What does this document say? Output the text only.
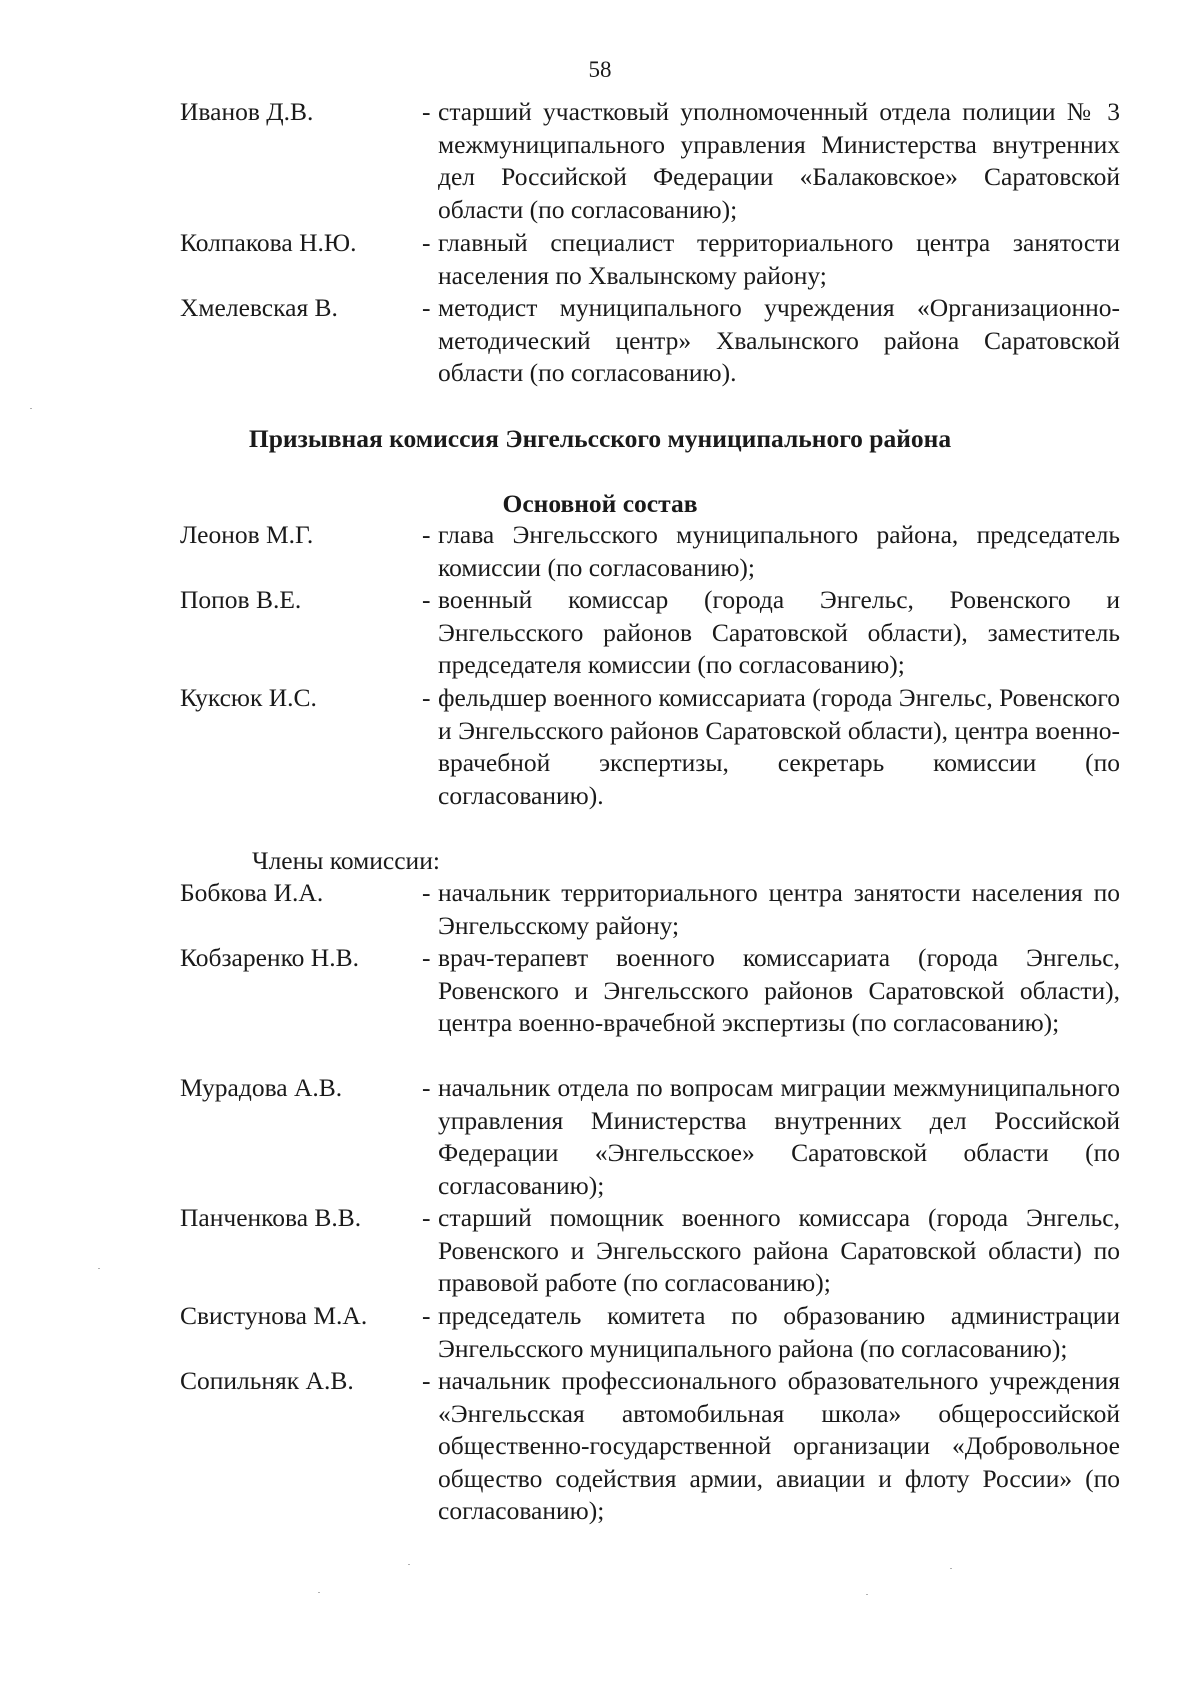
58
Иванов Д.В.	- старший участковый уполномоченный отдела полиции № 3 межмуниципального управления Министерства внутренних дел Российской Федерации «Балаковское» Саратовской области (по согласованию);
Колпакова Н.Ю.	- главный специалист территориального центра занятости населения по Хвалынскому району;
Хмелевская В.	- методист муниципального учреждения «Организационно-методический центр» Хвалынского района Саратовской области (по согласованию).
Призывная комиссия Энгельсского муниципального района
Основной состав
Леонов М.Г.	- глава Энгельсского муниципального района, председатель комиссии (по согласованию);
Попов В.Е.	- военный комиссар (города Энгельс, Ровенского и Энгельсского районов Саратовской области), заместитель председателя комиссии (по согласованию);
Куксюк И.С.	- фельдшер военного комиссариата (города Энгельс, Ровенского и Энгельсского районов Саратовской области), центра военно-врачебной экспертизы, секретарь комиссии (по согласованию).
Члены комиссии:
Бобкова И.А.	- начальник территориального центра занятости населения по Энгельсскому району;
Кобзаренко Н.В.	- врач-терапевт военного комиссариата (города Энгельс, Ровенского и Энгельсского районов Саратовской области), центра военно-врачебной экспертизы (по согласованию);
Мурадова А.В.	- начальник отдела по вопросам миграции межмуниципального управления Министерства внутренних дел Российской Федерации «Энгельсское» Саратовской области (по согласованию);
Панченкова В.В.	- старший помощник военного комиссара (города Энгельс, Ровенского и Энгельсского района Саратовской области) по правовой работе (по согласованию);
Свистунова М.А.	- председатель комитета по образованию администрации Энгельсского муниципального района (по согласованию);
Сопильняк А.В.	- начальник профессионального образовательного учреждения «Энгельсская автомобильная школа» общероссийской общественно-государственной организации «Добровольное общество содействия армии, авиации и флоту России» (по согласованию);
